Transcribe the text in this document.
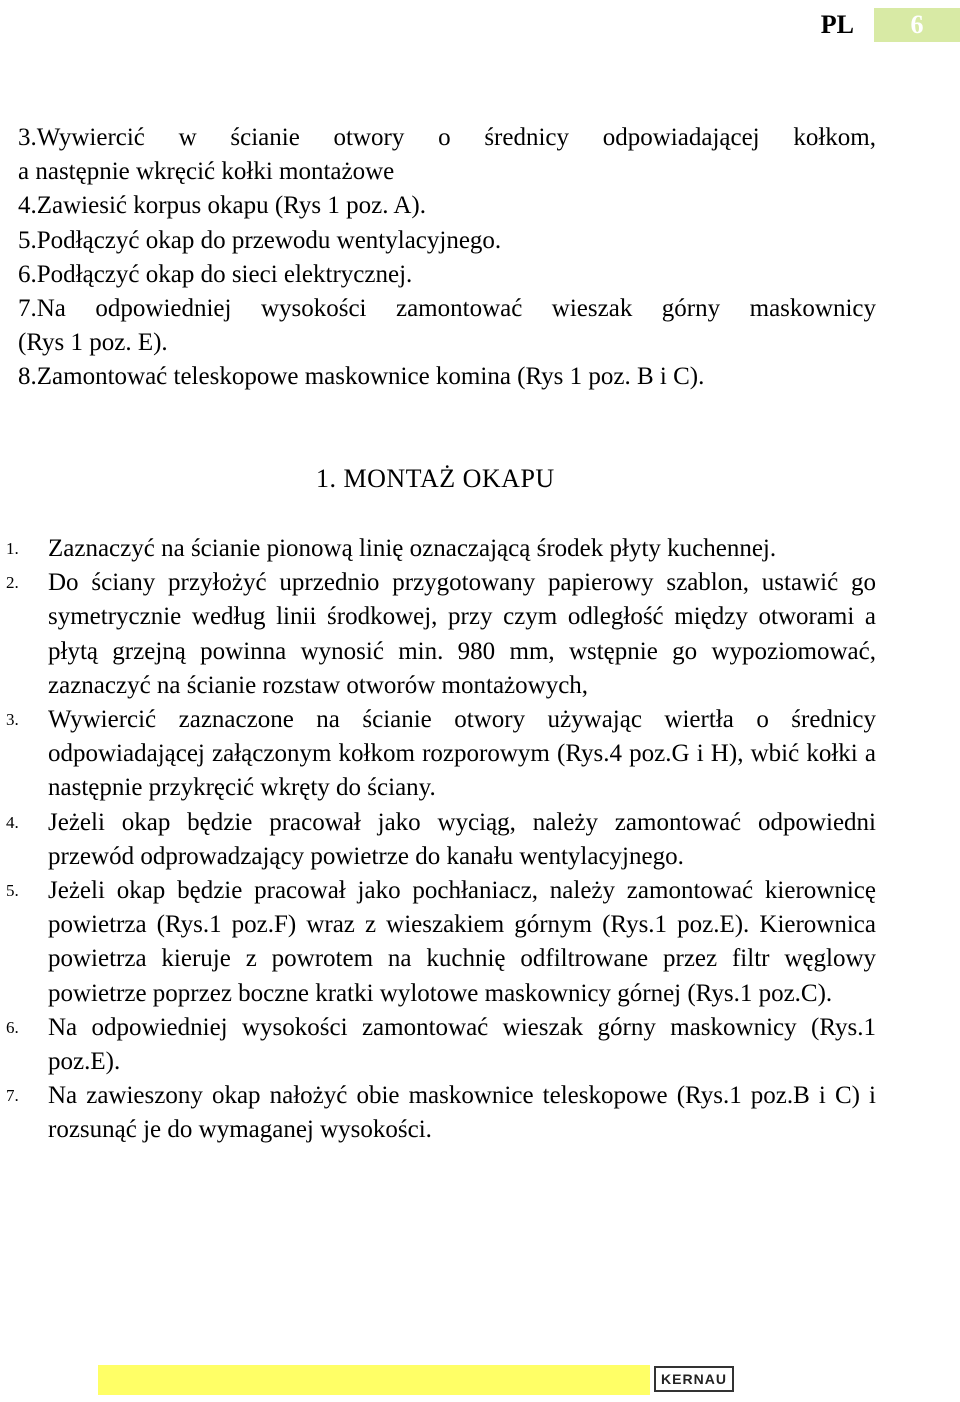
PL	6

3.Wywiercić w ścianie otwory o średnicy odpowiadającej kołkom,

a następnie wkręcić kołki montażowe

4.Zawiesić korpus okapu (Rys 1 poz. A).

5.Podłączyć okap do przewodu wentylacyjnego.

6.Podłączyć okap do sieci elektrycznej.

7.Na odpowiedniej wysokości zamontować wieszak górny maskownicy

(Rys 1 poz. E).

8.Zamontować teleskopowe maskownice komina (Rys 1 poz. B i C).

1. MONTAŻ OKAPU
1.	Zaznaczyć na ścianie pionową linię oznaczającą środek płyty kuchennej.
2.	Do ściany przyłożyć uprzednio przygotowany papierowy szablon, ustawić go symetrycznie według linii środkowej, przy czym odległość między otworami a płytą grzejną powinna wynosić min. 980 mm, wstępnie go wypoziomować, zaznaczyć na ścianie rozstaw otworów montażowych,
3.	Wywiercić zaznaczone na ścianie otwory używając wiertła o średnicy odpowiadającej załączonym kołkom rozporowym (Rys.4 poz.G i H), wbić kołki a następnie przykręcić wkręty do ściany.
4.	Jeżeli okap będzie pracował jako wyciąg, należy zamontować odpowiedni przewód odprowadzający powietrze do kanału wentylacyjnego.
5.	Jeżeli okap będzie pracował jako pochłaniacz, należy zamontować kierownicę powietrza (Rys.1 poz.F) wraz z wieszakiem górnym (Rys.1 poz.E). Kierownica powietrza kieruje z powrotem na kuchnię odfiltrowane przez filtr węglowy powietrze poprzez boczne kratki wylotowe maskownicy górnej (Rys.1 poz.C).
6.	Na odpowiedniej wysokości zamontować wieszak górny maskownicy (Rys.1 poz.E).
7.	Na zawieszony okap nałożyć obie maskownice teleskopowe (Rys.1 poz.B i C) i rozsunąć je do wymaganej wysokości.
KERNAU
